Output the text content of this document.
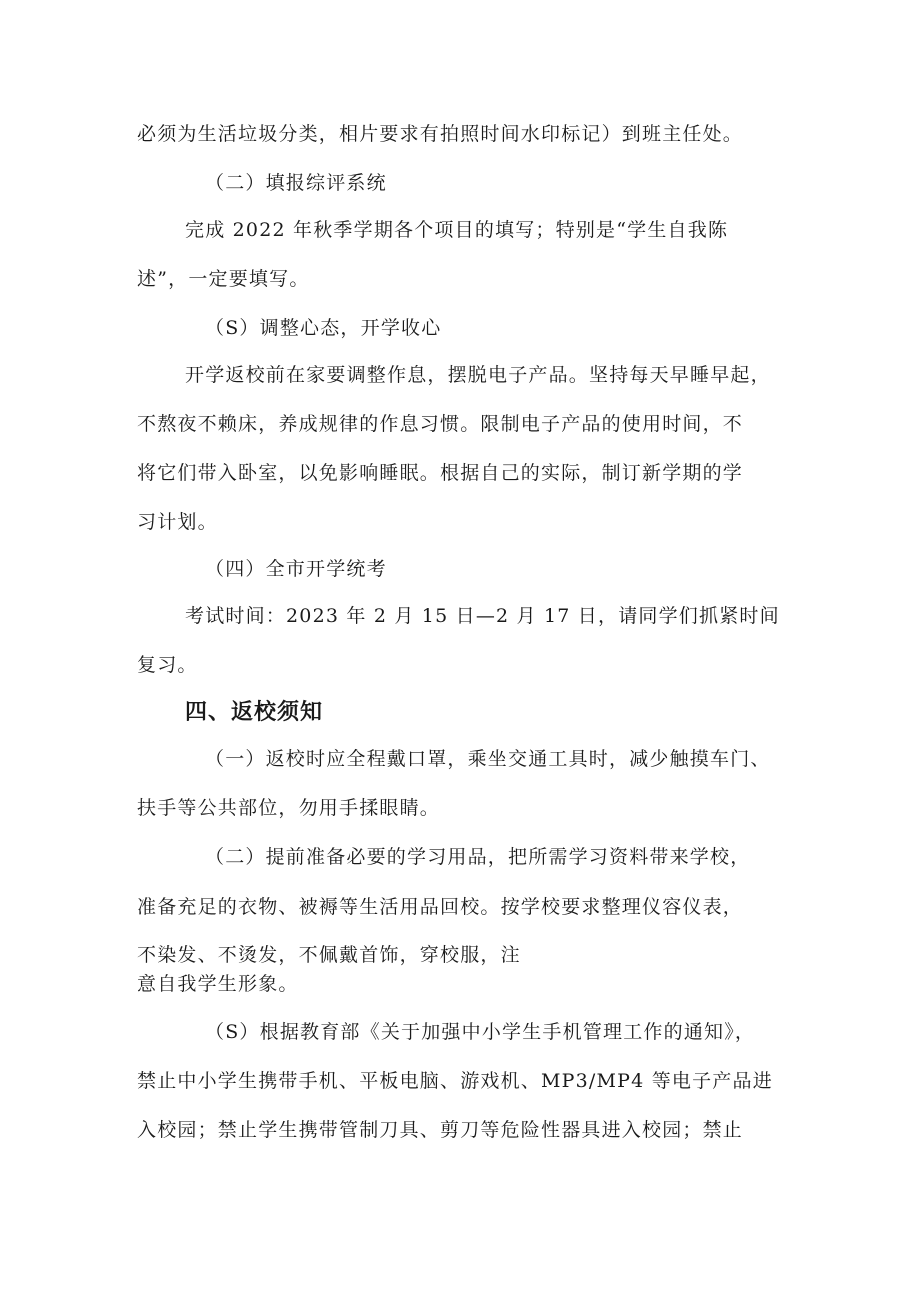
必须为生活垃圾分类，相片要求有拍照时间水印标记）到班主任处。
（二）填报综评系统
完成 2022 年秋季学期各个项目的填写；特别是“学生自我陈
述”，一定要填写。
（S）调整心态，开学收心
开学返校前在家要调整作息，摆脱电子产品。坚持每天早睡早起，
不熬夜不赖床，养成规律的作息习惯。限制电子产品的使用时间，不
将它们带入卧室，以免影响睡眠。根据自己的实际，制订新学期的学
习计划。
（四）全市开学统考
考试时间：2023 年 2 月 15 日—2 月 17 日，请同学们抓紧时间
复习。
四、返校须知
（一）返校时应全程戴口罩，乘坐交通工具时，减少触摸车门、
扶手等公共部位，勿用手揉眼睛。
（二）提前准备必要的学习用品，把所需学习资料带来学校，
准备充足的衣物、被褥等生活用品回校。按学校要求整理仪容仪表，
不染发、不烫发，不佩戴首饰，穿校服，注
意自我学生形象。
（S）根据教育部《关于加强中小学生手机管理工作的通知》，
禁止中小学生携带手机、平板电脑、游戏机、MP3/MP4 等电子产品进
入校园；禁止学生携带管制刀具、剪刀等危险性器具进入校园；禁止
